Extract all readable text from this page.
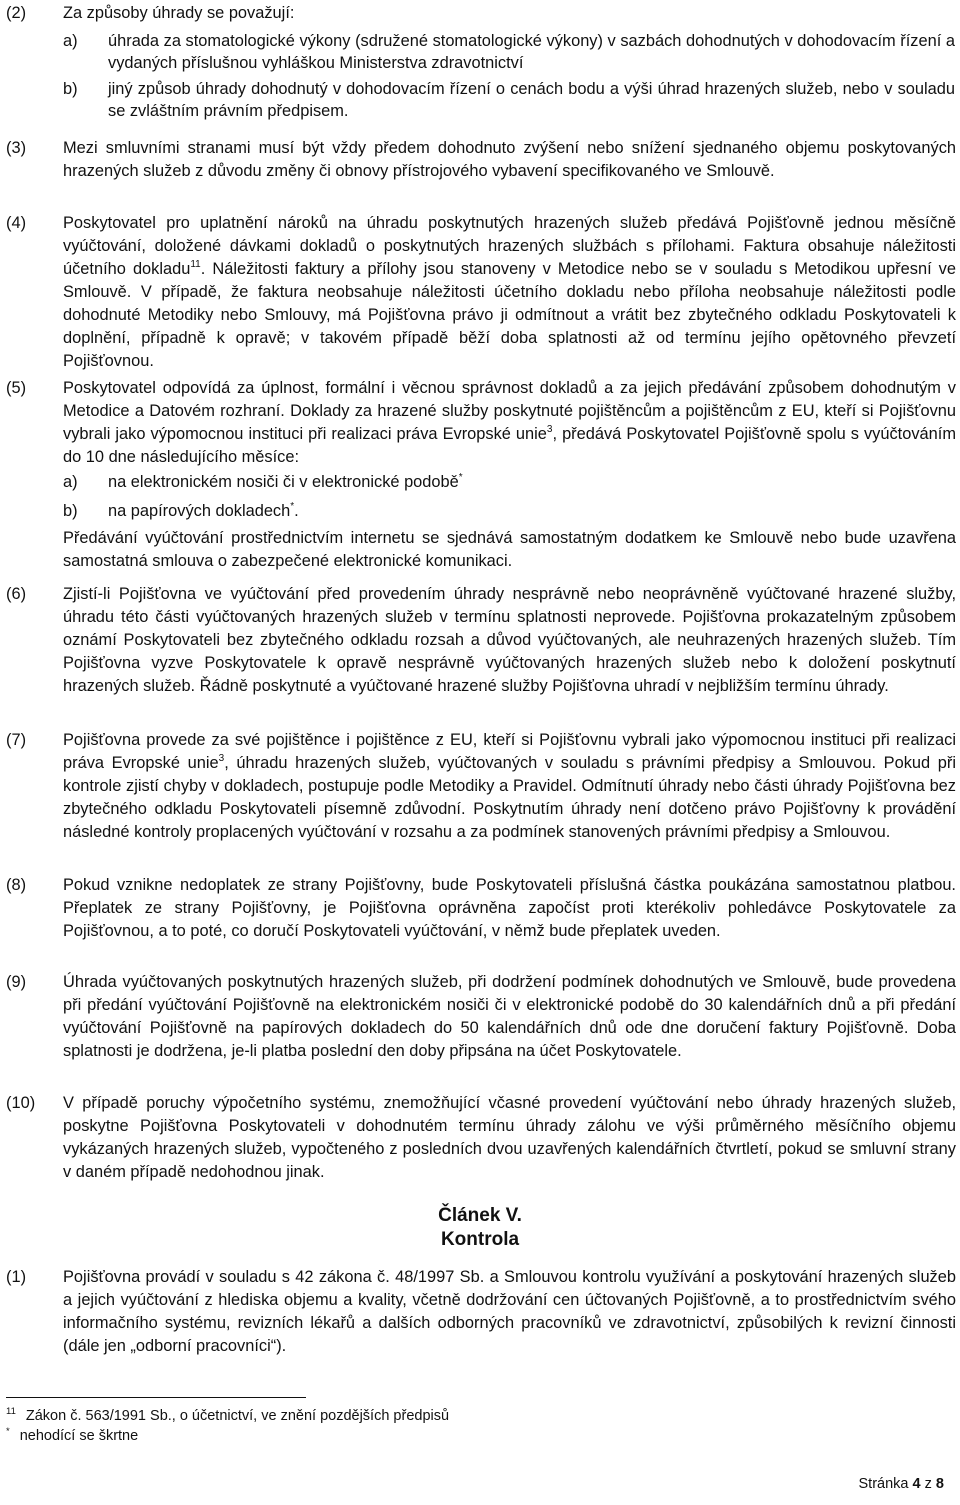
(2) Za způsoby úhrady se považují:
a) úhrada za stomatologické výkony (sdružené stomatologické výkony) v sazbách dohodnutých v dohodovacím řízení a vydaných příslušnou vyhláškou Ministerstva zdravotnictví
b) jiný způsob úhrady dohodnutý v dohodovacím řízení o cenách bodu a výši úhrad hrazených služeb, nebo v souladu se zvláštním právním předpisem.
(3) Mezi smluvními stranami musí být vždy předem dohodnuto zvýšení nebo snížení sjednaného objemu poskytovaných hrazených služeb z důvodu změny či obnovy přístrojového vybavení specifikovaného ve Smlouvě.
(4) Poskytovatel pro uplatnění nároků na úhradu poskytnutých hrazených služeb předává Pojišťovně jednou měsíčně vyúčtování, doložené dávkami dokladů o poskytnutých hrazených službách s přílohami. Faktura obsahuje náležitosti účetního dokladu$^{11}$. Náležitosti faktury a přílohy jsou stanoveny v Metodice nebo se v souladu s Metodikou upřesní ve Smlouvě. V případě, že faktura neobsahuje náležitosti účetního dokladu nebo příloha neobsahuje náležitosti podle dohodnuté Metodiky nebo Smlouvy, má Pojišťovna právo ji odmítnout a vrátit bez zbytečného odkladu Poskytovateli k doplnění, případně k opravě; v takovém případě běží doba splatnosti až od termínu jejího opětovného převzetí Pojišťovnou.
(5) Poskytovatel odpovídá za úplnost, formální i věcnou správnost dokladů a za jejich předávání způsobem dohodnutým v Metodice a Datovém rozhraní. Doklady za hrazené služby poskytnuté pojištěncům a pojištěncům z EU, kteří si Pojišťovnu vybrali jako výpomocnou instituci při realizaci práva Evropské unie$^3$, předává Poskytovatel Pojišťovně spolu s vyúčtováním do 10 dne následujícího měsíce:
a) na elektronickém nosiči či v elektronické podobě*
b) na papírových dokladech*.
Předávání vyúčtování prostřednictvím internetu se sjednává samostatným dodatkem ke Smlouvě nebo bude uzavřena samostatná smlouva o zabezpečené elektronické komunikaci.
(6) Zjistí-li Pojišťovna ve vyúčtování před provedením úhrady nesprávně nebo neoprávněně vyúčtované hrazené služby, úhradu této části vyúčtovaných hrazených služeb v termínu splatnosti neprovede. Pojišťovna prokazatelným způsobem oznámí Poskytovateli bez zbytečného odkladu rozsah a důvod vyúčtovaných, ale neuhrazených hrazených služeb. Tím Pojišťovna vyzve Poskytovatele k opravě nesprávně vyúčtovaných hrazených služeb nebo k doložení poskytnutí hrazených služeb. Řádně poskytnuté a vyúčtované hrazené služby Pojišťovna uhradí v nejbližším termínu úhrady.
(7) Pojišťovna provede za své pojištěnce i pojištěnce z EU, kteří si Pojišťovnu vybrali jako výpomocnou instituci při realizaci práva Evropské unie$^3$, úhradu hrazených služeb, vyúčtovaných v souladu s právními předpisy a Smlouvou. Pokud při kontrole zjistí chyby v dokladech, postupuje podle Metodiky a Pravidel. Odmítnutí úhrady nebo části úhrady Pojišťovna bez zbytečného odkladu Poskytovateli písemně zdůvodní. Poskytnutím úhrady není dotčeno právo Pojišťovny k provádění následné kontroly proplacených vyúčtování v rozsahu a za podmínek stanovených právními předpisy a Smlouvou.
(8) Pokud vznikne nedoplatek ze strany Pojišťovny, bude Poskytovateli příslušná částka poukázána samostatnou platbou. Přeplatek ze strany Pojišťovny, je Pojišťovna oprávněna započíst proti kterékoliv pohledávce Poskytovatele za Pojišťovnou, a to poté, co doručí Poskytovateli vyúčtování, v němž bude přeplatek uveden.
(9) Úhrada vyúčtovaných poskytnutých hrazených služeb, při dodržení podmínek dohodnutých ve Smlouvě, bude provedena při předání vyúčtování Pojišťovně na elektronickém nosiči či v elektronické podobě do 30 kalendářních dnů a při předání vyúčtování Pojišťovně na papírových dokladech do 50 kalendářních dnů ode dne doručení faktury Pojišťovně. Doba splatnosti je dodržena, je-li platba poslední den doby připsána na účet Poskytovatele.
(10) V případě poruchy výpočetního systému, znemožňující včasné provedení vyúčtování nebo úhrady hrazených služeb, poskytne Pojišťovna Poskytovateli v dohodnutém termínu úhrady zálohu ve výši průměrného měsíčního objemu vykázaných hrazených služeb, vypočteného z posledních dvou uzavřených kalendářních čtvrtletí, pokud se smluvní strany v daném případě nedohodnou jinak.
Článek V.
Kontrola
(1) Pojišťovna provádí v souladu s 42 zákona č. 48/1997 Sb. a Smlouvou kontrolu využívání a poskytování hrazených služeb a jejich vyúčtování z hlediska objemu a kvality, včetně dodržování cen účtovaných Pojišťovně, a to prostřednictvím svého informačního systému, revizních lékařů a dalších odborných pracovníků ve zdravotnictví, způsobilých k revizní činnosti (dále jen „odborní pracovníci“).
$^{11}$ Zákon č. 563/1991 Sb., o účetnictví, ve znění pozdějších předpisů
* nehodící se škrtne
Stránka 4 z 8
